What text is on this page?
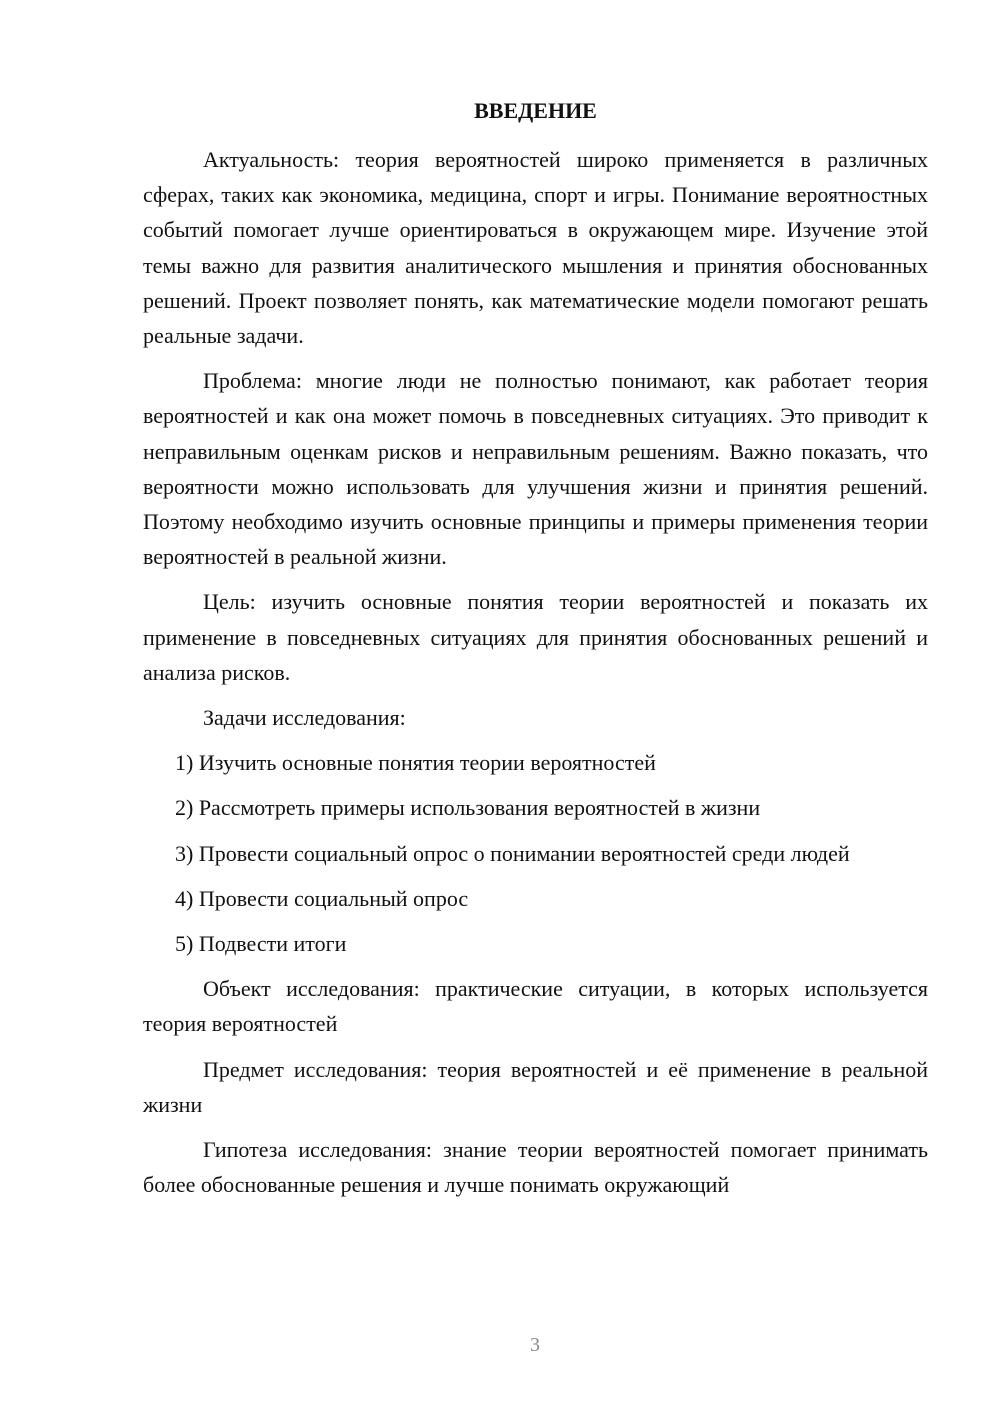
ВВЕДЕНИЕ

Актуальность: теория вероятностей широко применяется в различных сферах, таких как экономика, медицина, спорт и игры. Понимание вероятностных событий помогает лучше ориентироваться в окружающем мире. Изучение этой темы важно для развития аналитического мышления и принятия обоснованных решений. Проект позволяет понять, как математические модели помогают решать реальные задачи.

Проблема: многие люди не полностью понимают, как работает теория вероятностей и как она может помочь в повседневных ситуациях. Это приводит к неправильным оценкам рисков и неправильным решениям. Важно показать, что вероятности можно использовать для улучшения жизни и принятия решений. Поэтому необходимо изучить основные принципы и примеры применения теории вероятностей в реальной жизни.

Цель: изучить основные понятия теории вероятностей и показать их применение в повседневных ситуациях для принятия обоснованных решений и анализа рисков.

Задачи исследования:

1) Изучить основные понятия теории вероятностей

2) Рассмотреть примеры использования вероятностей в жизни

3) Провести социальный опрос о понимании вероятностей среди людей

4) Провести социальный опрос

5) Подвести итоги

Объект исследования: практические ситуации, в которых используется теория вероятностей

Предмет исследования: теория вероятностей и её применение в реальной жизни

Гипотеза исследования: знание теории вероятностей помогает принимать более обоснованные решения и лучше понимать окружающий

3
